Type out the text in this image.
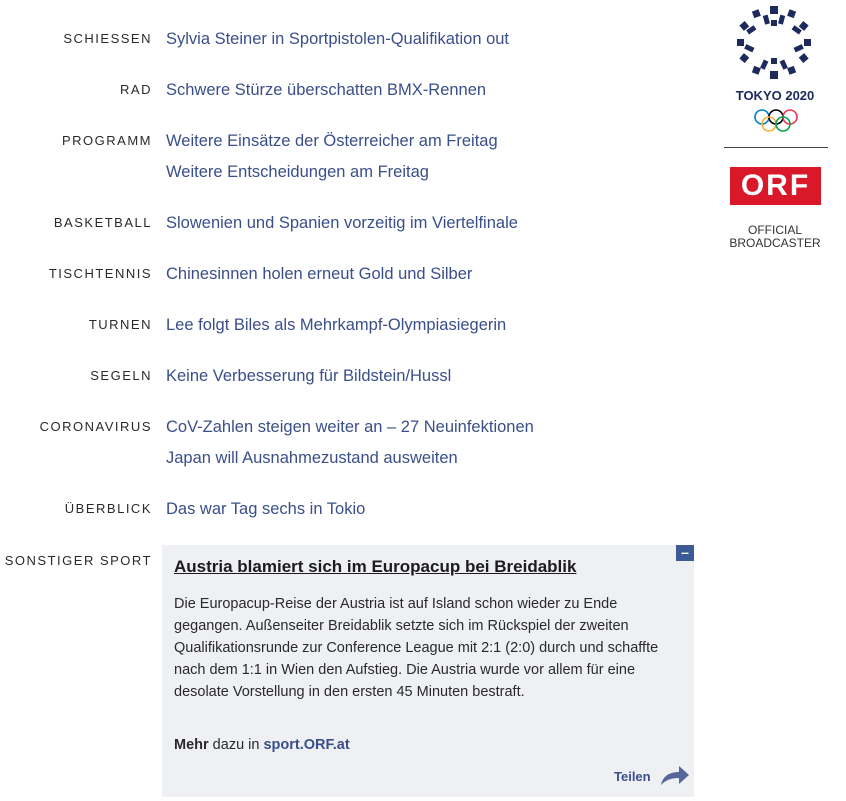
SCHIESSEN Sylvia Steiner in Sportpistolen-Qualifikation out
RAD Schwere Stürze überschatten BMX-Rennen
PROGRAMM Weitere Einsätze der Österreicher am Freitag
Weitere Entscheidungen am Freitag
BASKETBALL Slowenien und Spanien vorzeitig im Viertelfinale
TISCHTENNIS Chinesinnen holen erneut Gold und Silber
TURNEN Lee folgt Biles als Mehrkampf-Olympiasiegerin
SEGELN Keine Verbesserung für Bildstein/Hussl
CORONAVIRUS CoV-Zahlen steigen weiter an – 27 Neuinfektionen
Japan will Ausnahmezustand ausweiten
ÜBERBLICK Das war Tag sechs in Tokio
SONSTIGER SPORT
–
Austria blamiert sich im Europacup bei Breidablik
Die Europacup-Reise der Austria ist auf Island schon wieder zu Ende gegangen. Außenseiter Breidablik setzte sich im Rückspiel der zweiten Qualifikationsrunde zur Conference League mit 2:1 (2:0) durch und schaffte nach dem 1:1 in Wien den Aufstieg. Die Austria wurde vor allem für eine desolate Vorstellung in den ersten 45 Minuten bestraft.
Mehr dazu in sport.ORF.at
Teilen
TOKYO 2020
ORF
OFFICIAL
BROADCASTER
